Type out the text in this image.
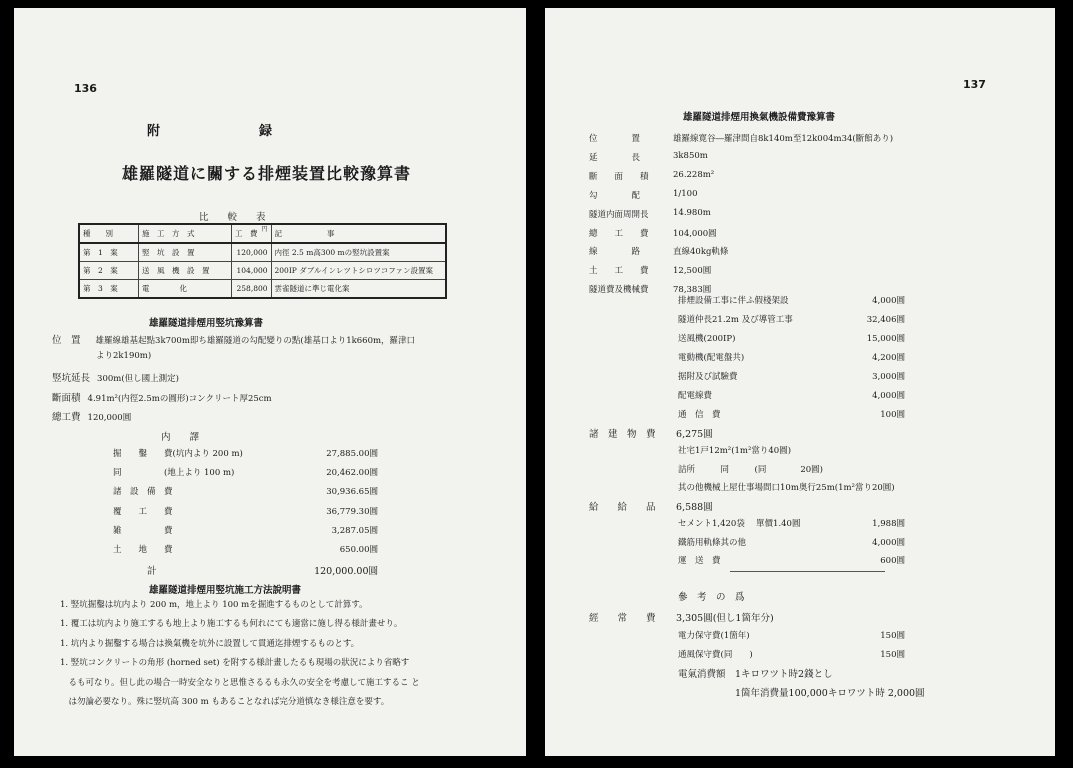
136
附	録
雄羅隧道に關する排煙装置比較豫算書
比　　較　　表
種　　別	施　工　方　式	工　費 $^円$	記　　　　　　事
第　1　案	竪　坑　設　置	120,000	内徑 2.5 m高300 mの竪坑設置案
第　2　案	送　風　機　設　置	104,000	200IP ダブルインレツトシロツコファン設置案
第　3　案	電　　　　化	258,800	雲雀隧道に準じ電化案
雄羅隧道排煙用竪坑豫算書
位　置 雄羅線雄基起點3k700m即ち雄羅隧道の勾配變りの點(雄基口より1k660m，羅津口
より2k190m)
竪坑延長 300m(但し國上測定)
斷面積 4.91m²(内徑2.5mの圓形)コンクリート厚25cm
總工費 120,000圓
内　　譯
掘　　鑿　　費(坑内より 200 m)	27,885.00圓
同　　　　　(地上より 100 m)	20,462.00圓
諸　設　備　費	30,936.65圓
覆　　工　　費	36,779.30圓
雑　　　　　費	3,287.05圓
土　　地　　費	650.00圓
計	120,000.00圓
雄羅隧道排煙用竪坑施工方法說明書
1. 竪坑掘鑿は坑内より 200 m，地上より 100 mを掘進するものとして計算す。
1. 覆工は坑内より施工するも地上より施工するも何れにても適當に施し得る様計畫せり。
1. 坑内より掘鑿する場合は換氣機を坑外に設置して貫通迄排煙するものとす。
1. 竪坑コンクリートの角形 (horned set) を附する様計畫したるも現場の狀況により省略す
　るも可なり。但し此の場合一時安全なりと思惟さるるも永久の安全を考慮して施工するこ と
　は勿論必要なり。殊に竪坑高 300 m もあることなれば完分道慎なき様注意を要す。
137
雄羅隧道排煙用換氣機設備費豫算書
位　　　　置	雄羅線寛谷―羅津間自8k140m至12k004m34(斷館あり)
延　　　　長	3k850m
斷　　面　　積	26.228m²
勾　　　　配	1/100
隧道内面周開長	14.980m
總　　工　　費	104,000圓
線　　　　路	直線40kg軌條
土　　工　　費	12,500圓
隧道費及機械費	78,383圓
排煙設備工事に伴ふ假棧架設	4,000圓
隧道仲長21.2m 及び導管工事	32,406圓
送風機(200IP)	15,000圓
電動機(配電盤共)	4,200圓
据附及び試驗費	3,000圓
配電線費	4,000圓
通　信　費	100圓
諸　建　物　費 6,275圓
社宅1戸12m²(1m²當り40圓)
詰所　　　同　　　(同　　　　20圓)
其の他機械上屋仕事場間口10m奥行25m(1m²當り20圓)
給　　給　　品 6,588圓
セメント1,420袋　 單價1.40圓	1,988圓
鐵筋用軌條其の他	4,000圓
運　送　費	600圓
參　考　の　爲
經　　常　　費 3,305圓(但し1箇年分)
電力保守費(1箇年)	150圓
通風保守費(同　　)	150圓
電氣消費額　1キロワツト時2錢とし
1箇年消費量100,000キロワツト時 2,000圓
